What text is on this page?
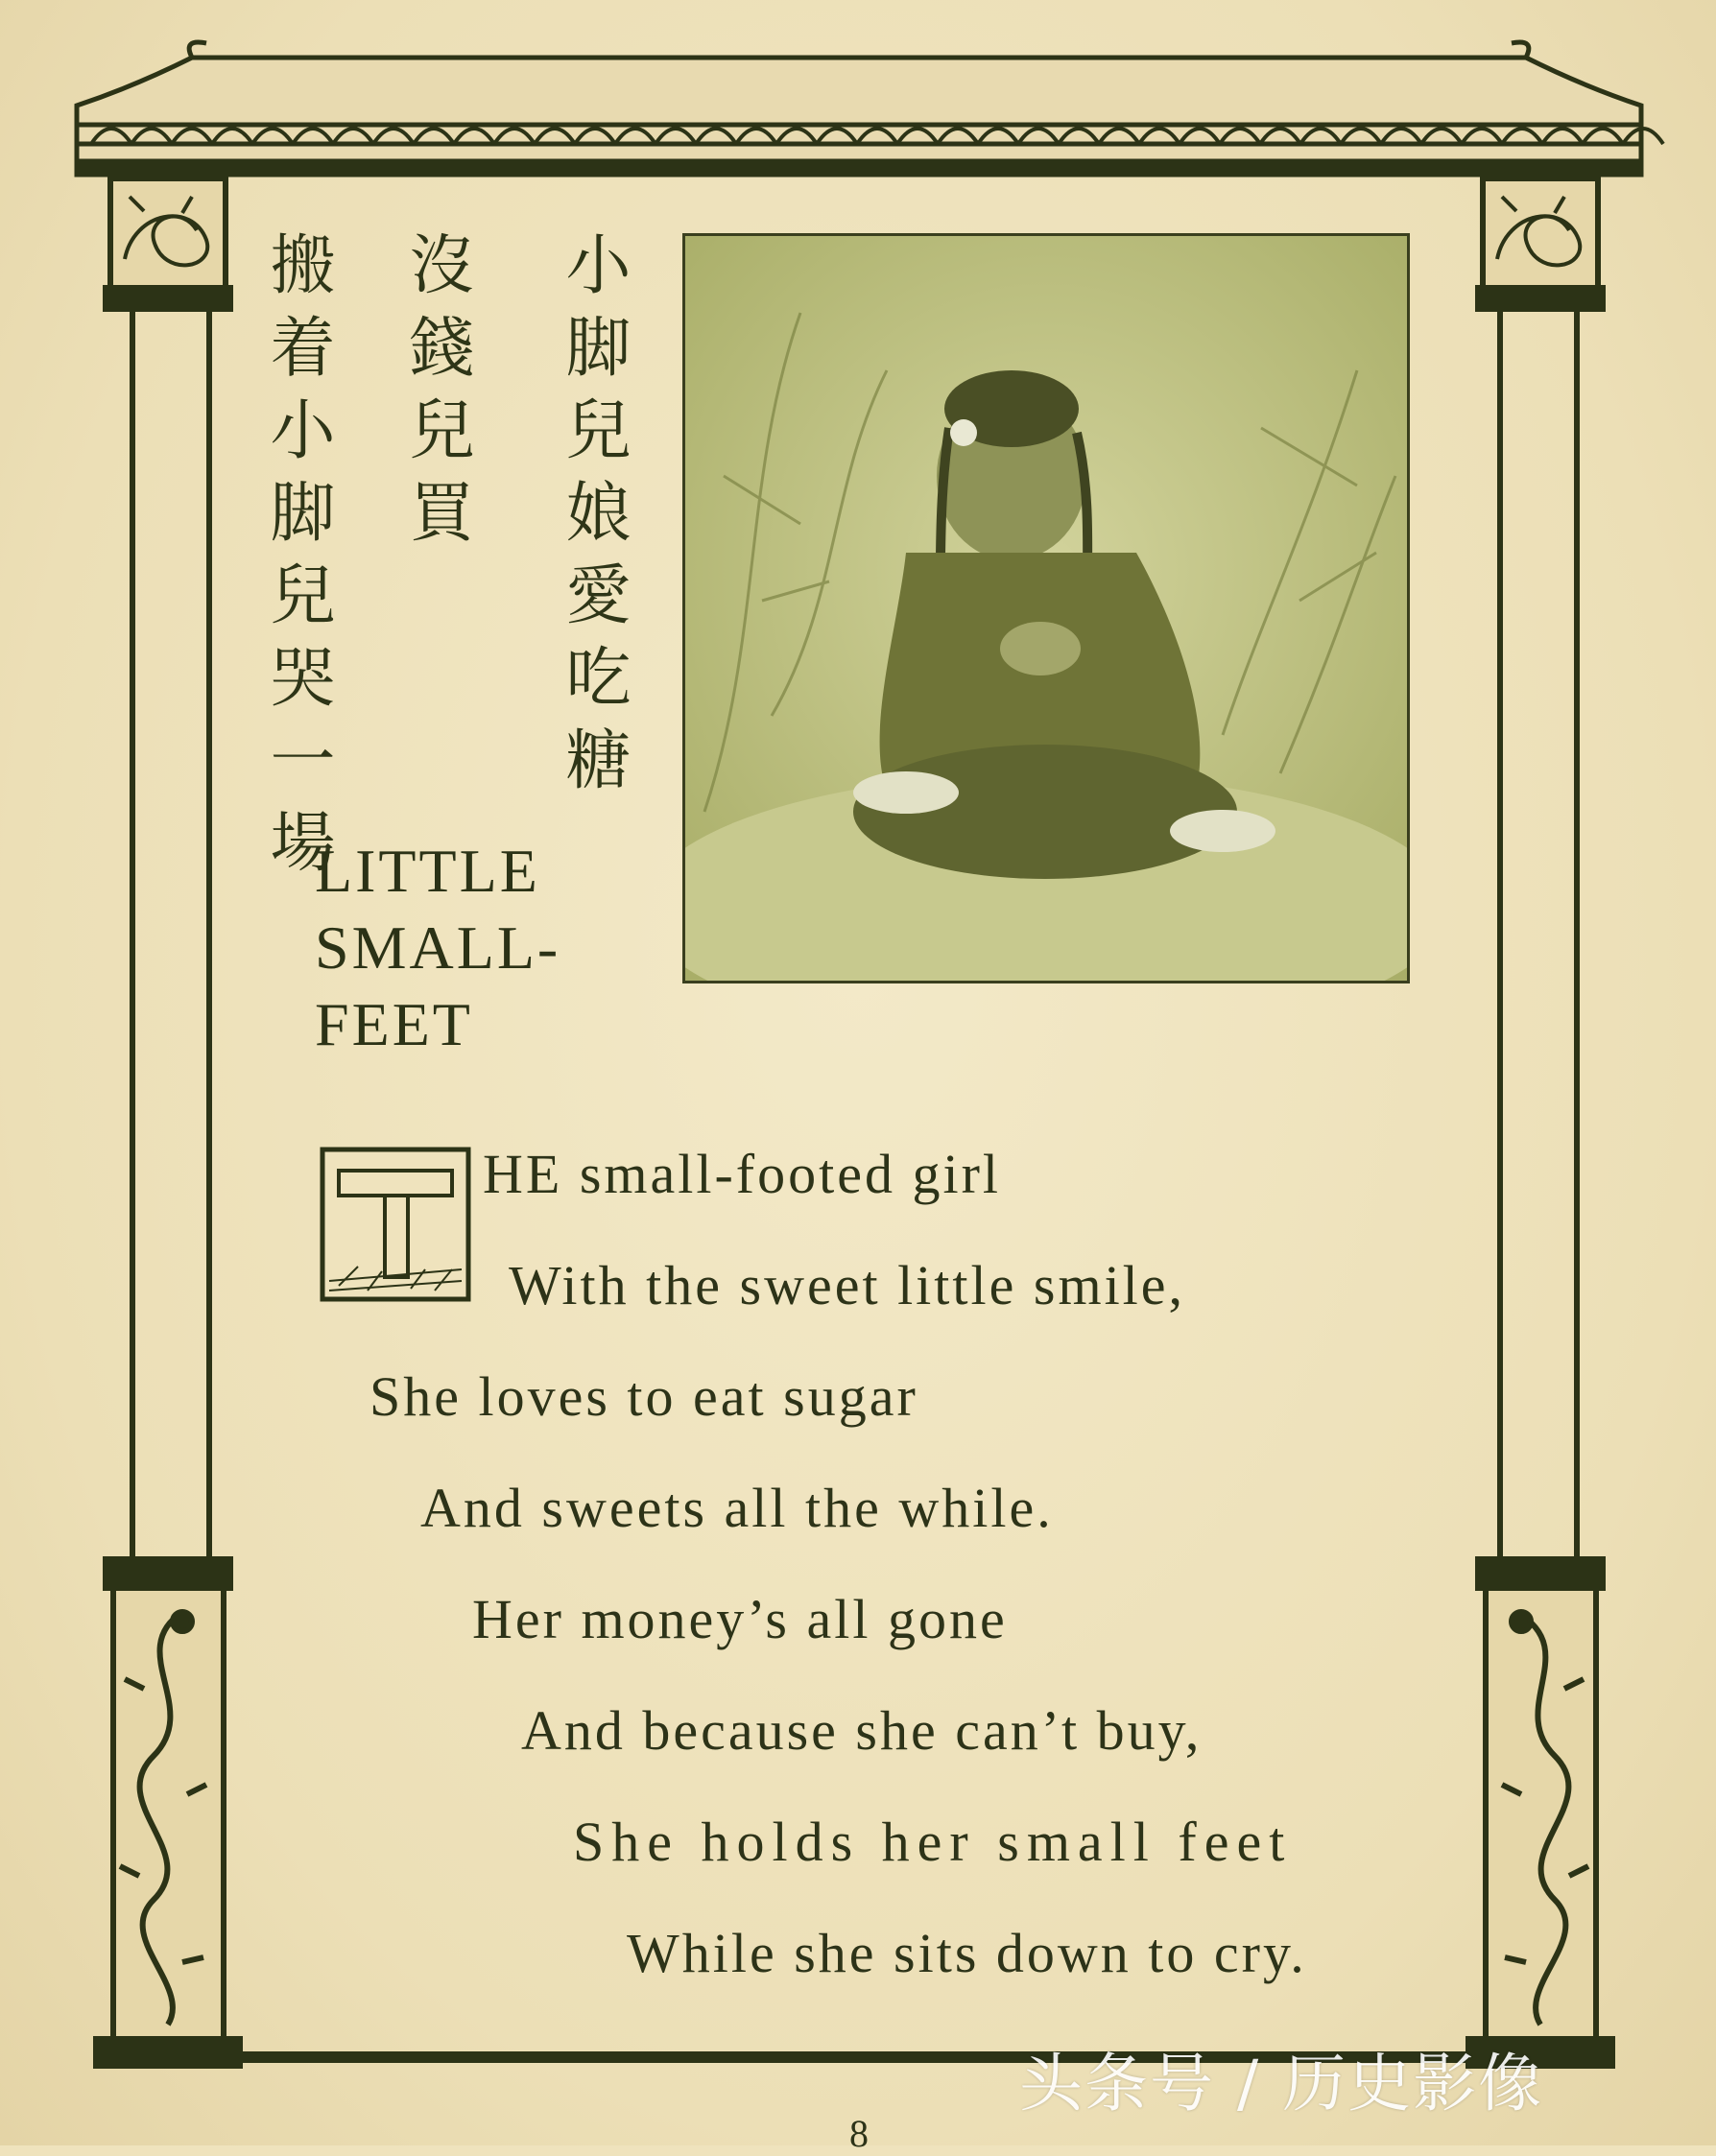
小脚兒娘愛吃糖
沒錢兒買
搬着小脚兒哭一場
LITTLE
SMALL-
FEET
HE small-footed girl
With the sweet little smile,
She loves to eat sugar
And sweets all the while.
Her money’s all gone
And because she can’t buy,
She holds her small feet
While she sits down to cry.
头条号 / 历史影像
8
